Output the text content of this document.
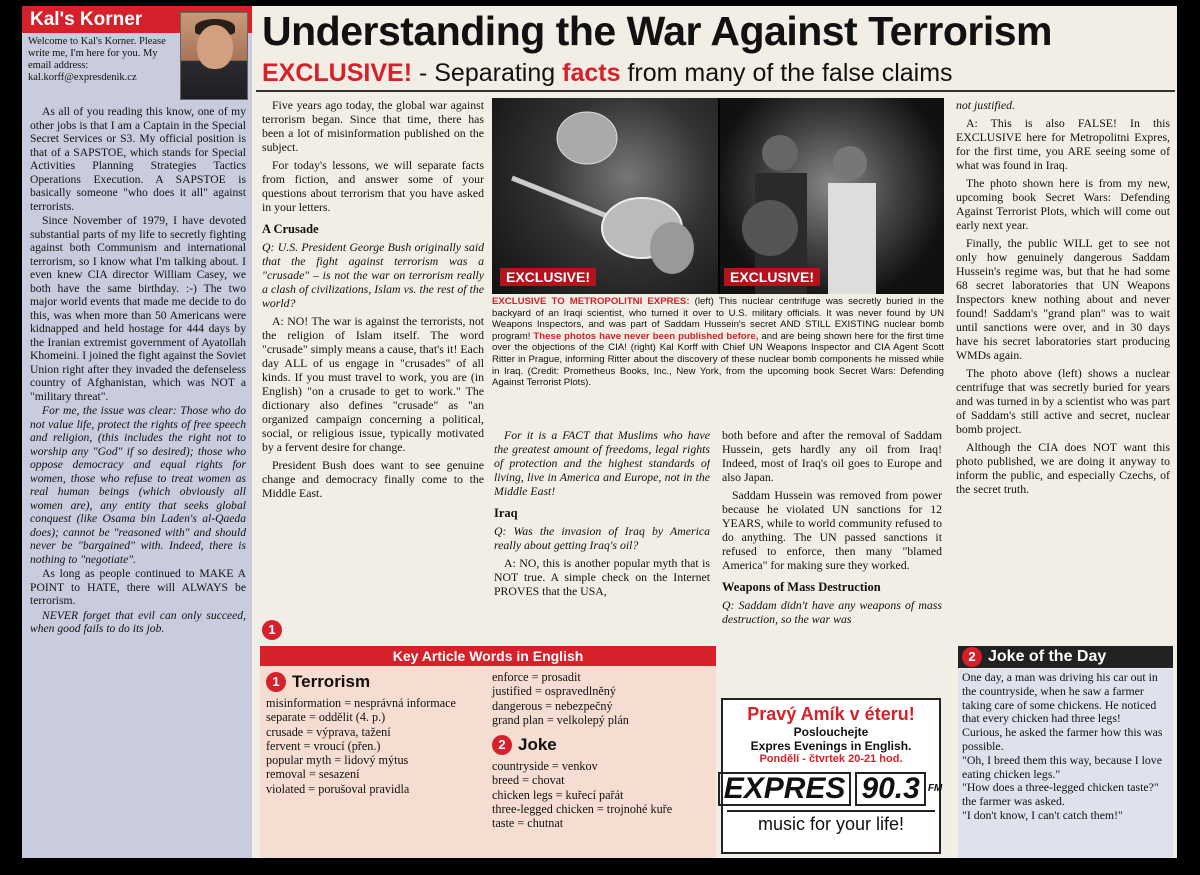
Kal's Korner
Welcome to Kal's Korner. Please write me, I'm here for you. My email address: kal.korff@expresdenik.cz

As all of you reading this know, one of my other jobs is that I am a Captain in the Special Secret Services or S3. My official position is that of a SAPSTOE, which stands for Special Activities Planning Strategies Tactics Operations Execution. A SAPSTOE is basically someone "who does it all" against terrorists.

Since November of 1979, I have devoted substantial parts of my life to secretly fighting against both Communism and international terrorism, so I know what I'm talking about. I even knew CIA director William Casey, we both have the same birthday. :-) The two major world events that made me decide to do this, was when more than 50 Americans were kidnapped and held hostage for 444 days by the Iranian extremist government of Ayatollah Khomeini. I joined the fight against the Soviet Union right after they invaded the defenseless country of Afghanistan, which was NOT a "military threat".

For me, the issue was clear: Those who do not value life, protect the rights of free speech and religion, (this includes the right not to worship any "God" if so desired); those who oppose democracy and equal rights for women, those who refuse to treat women as real human beings (which obviously all women are), any entity that seeks global conquest (like Osama bin Laden's al-Qaeda does); cannot be "reasoned with" and should never be "bargained" with. Indeed, there is nothing to "negotiate".

As long as people continued to MAKE A POINT to HATE, there will ALWAYS be terrorism.

NEVER forget that evil can only succeed, when good fails to do its job.

Understanding the War Against Terrorism
EXCLUSIVE! - Separating facts from many of the false claims

Five years ago today, the global war against terrorism began. Since that time, there has been a lot of misinformation published on the subject.

For today's lessons, we will separate facts from fiction, and answer some of your questions about terrorism that you have asked in your letters.

A Crusade

Q: U.S. President George Bush originally said that the fight against terrorism was a "crusade" – is not the war on terrorism really a clash of civilizations, Islam vs. the rest of the world?

A: NO! The war is against the terrorists, not the religion of Islam itself. The word "crusade" simply means a cause, that's it! Each day ALL of us engage in "crusades" of all kinds. If you must travel to work, you are (in English) "on a crusade to get to work." The dictionary also defines "crusade" as "an organized campaign concerning a political, social, or religious issue, typically motivated by a fervent desire for change.

President Bush does want to see genuine change and democracy finally come to the Middle East.

1
EXCLUSIVE!	EXCLUSIVE!
EXCLUSIVE TO METROPOLITNI EXPRES: (left) This nuclear centrifuge was secretly buried in the backyard of an Iraqi scientist, who turned it over to U.S. military officials. It was never found by UN Weapons Inspectors, and was part of Saddam Hussein's secret AND STILL EXISTING nuclear bomb program! These photos have never been published before, and are being shown here for the first time over the objections of the CIA! (right) Kal Korff with Chief UN Weapons Inspector and CIA Agent Scott Ritter in Prague, informing Ritter about the discovery of these nuclear bomb components he missed while in Iraq. (Credit: Prometheus Books, Inc., New York, from the upcoming book Secret Wars: Defending Against Terrorist Plots).

For it is a FACT that Muslims who have the greatest amount of freedoms, legal rights of protection and the highest standards of living, live in America and Europe, not in the Middle East!

Iraq

Q: Was the invasion of Iraq by America really about getting Iraq's oil?

A: NO, this is another popular myth that is NOT true. A simple check on the Internet PROVES that the USA,

both before and after the removal of Saddam Hussein, gets hardly any oil from Iraq! Indeed, most of Iraq's oil goes to Europe and also Japan.

Saddam Hussein was removed from power because he violated UN sanctions for 12 YEARS, while to world community refused to do anything. The UN passed sanctions it refused to enforce, then many "blamed America" for making sure they worked.

Weapons of Mass Destruction

Q: Saddam didn't have any weapons of mass destruction, so the war was

not justified.

A: This is also FALSE! In this EXCLUSIVE here for Metropolitni Expres, for the first time, you ARE seeing some of what was found in Iraq.

The photo shown here is from my new, upcoming book Secret Wars: Defending Against Terrorist Plots, which will come out early next year.

Finally, the public WILL get to see not only how genuinely dangerous Saddam Hussein's regime was, but that he had some 68 secret laboratories that UN Weapons Inspectors knew nothing about and never found! Saddam's "grand plan" was to wait until sanctions were over, and in 30 days have his secret laboratories start producing WMDs again.

The photo above (left) shows a nuclear centrifuge that was secretly buried for years and was turned in by a scientist who was part of Saddam's still active and secret, nuclear bomb project.

Although the CIA does NOT want this photo published, we are doing it anyway to inform the public, and especially Czechs, of the secret truth.

Key Article Words in English
1 Terrorism
misinformation = nesprávná informace
separate = oddělit (4. p.)
crusade = výprava, tažení
fervent = vroucí (přen.)
popular myth = lidový mýtus
removal = sesazení
violated = porušoval pravidla
enforce = prosadit
justified = ospravedlněný
dangerous = nebezpečný
grand plan = velkolepý plán
2 Joke
countryside = venkov
breed = chovat
chicken legs = kuřecí pařát
three-legged chicken = trojnohé kuře
taste = chutnat
Pravý Amík v éteru!
Poslouchejte
Expres Evenings in English.
Pondělí - čtvrtek 20-21 hod.
EXPRES 90.3 FM
music for your life!
2 Joke of the Day

One day, a man was driving his car out in the countryside, when he saw a farmer taking care of some chickens. He noticed that every chicken had three legs!

Curious, he asked the farmer how this was possible.

"Oh, I breed them this way, because I love eating chicken legs."

"How does a three-legged chicken taste?" the farmer was asked.

"I don't know, I can't catch them!"
